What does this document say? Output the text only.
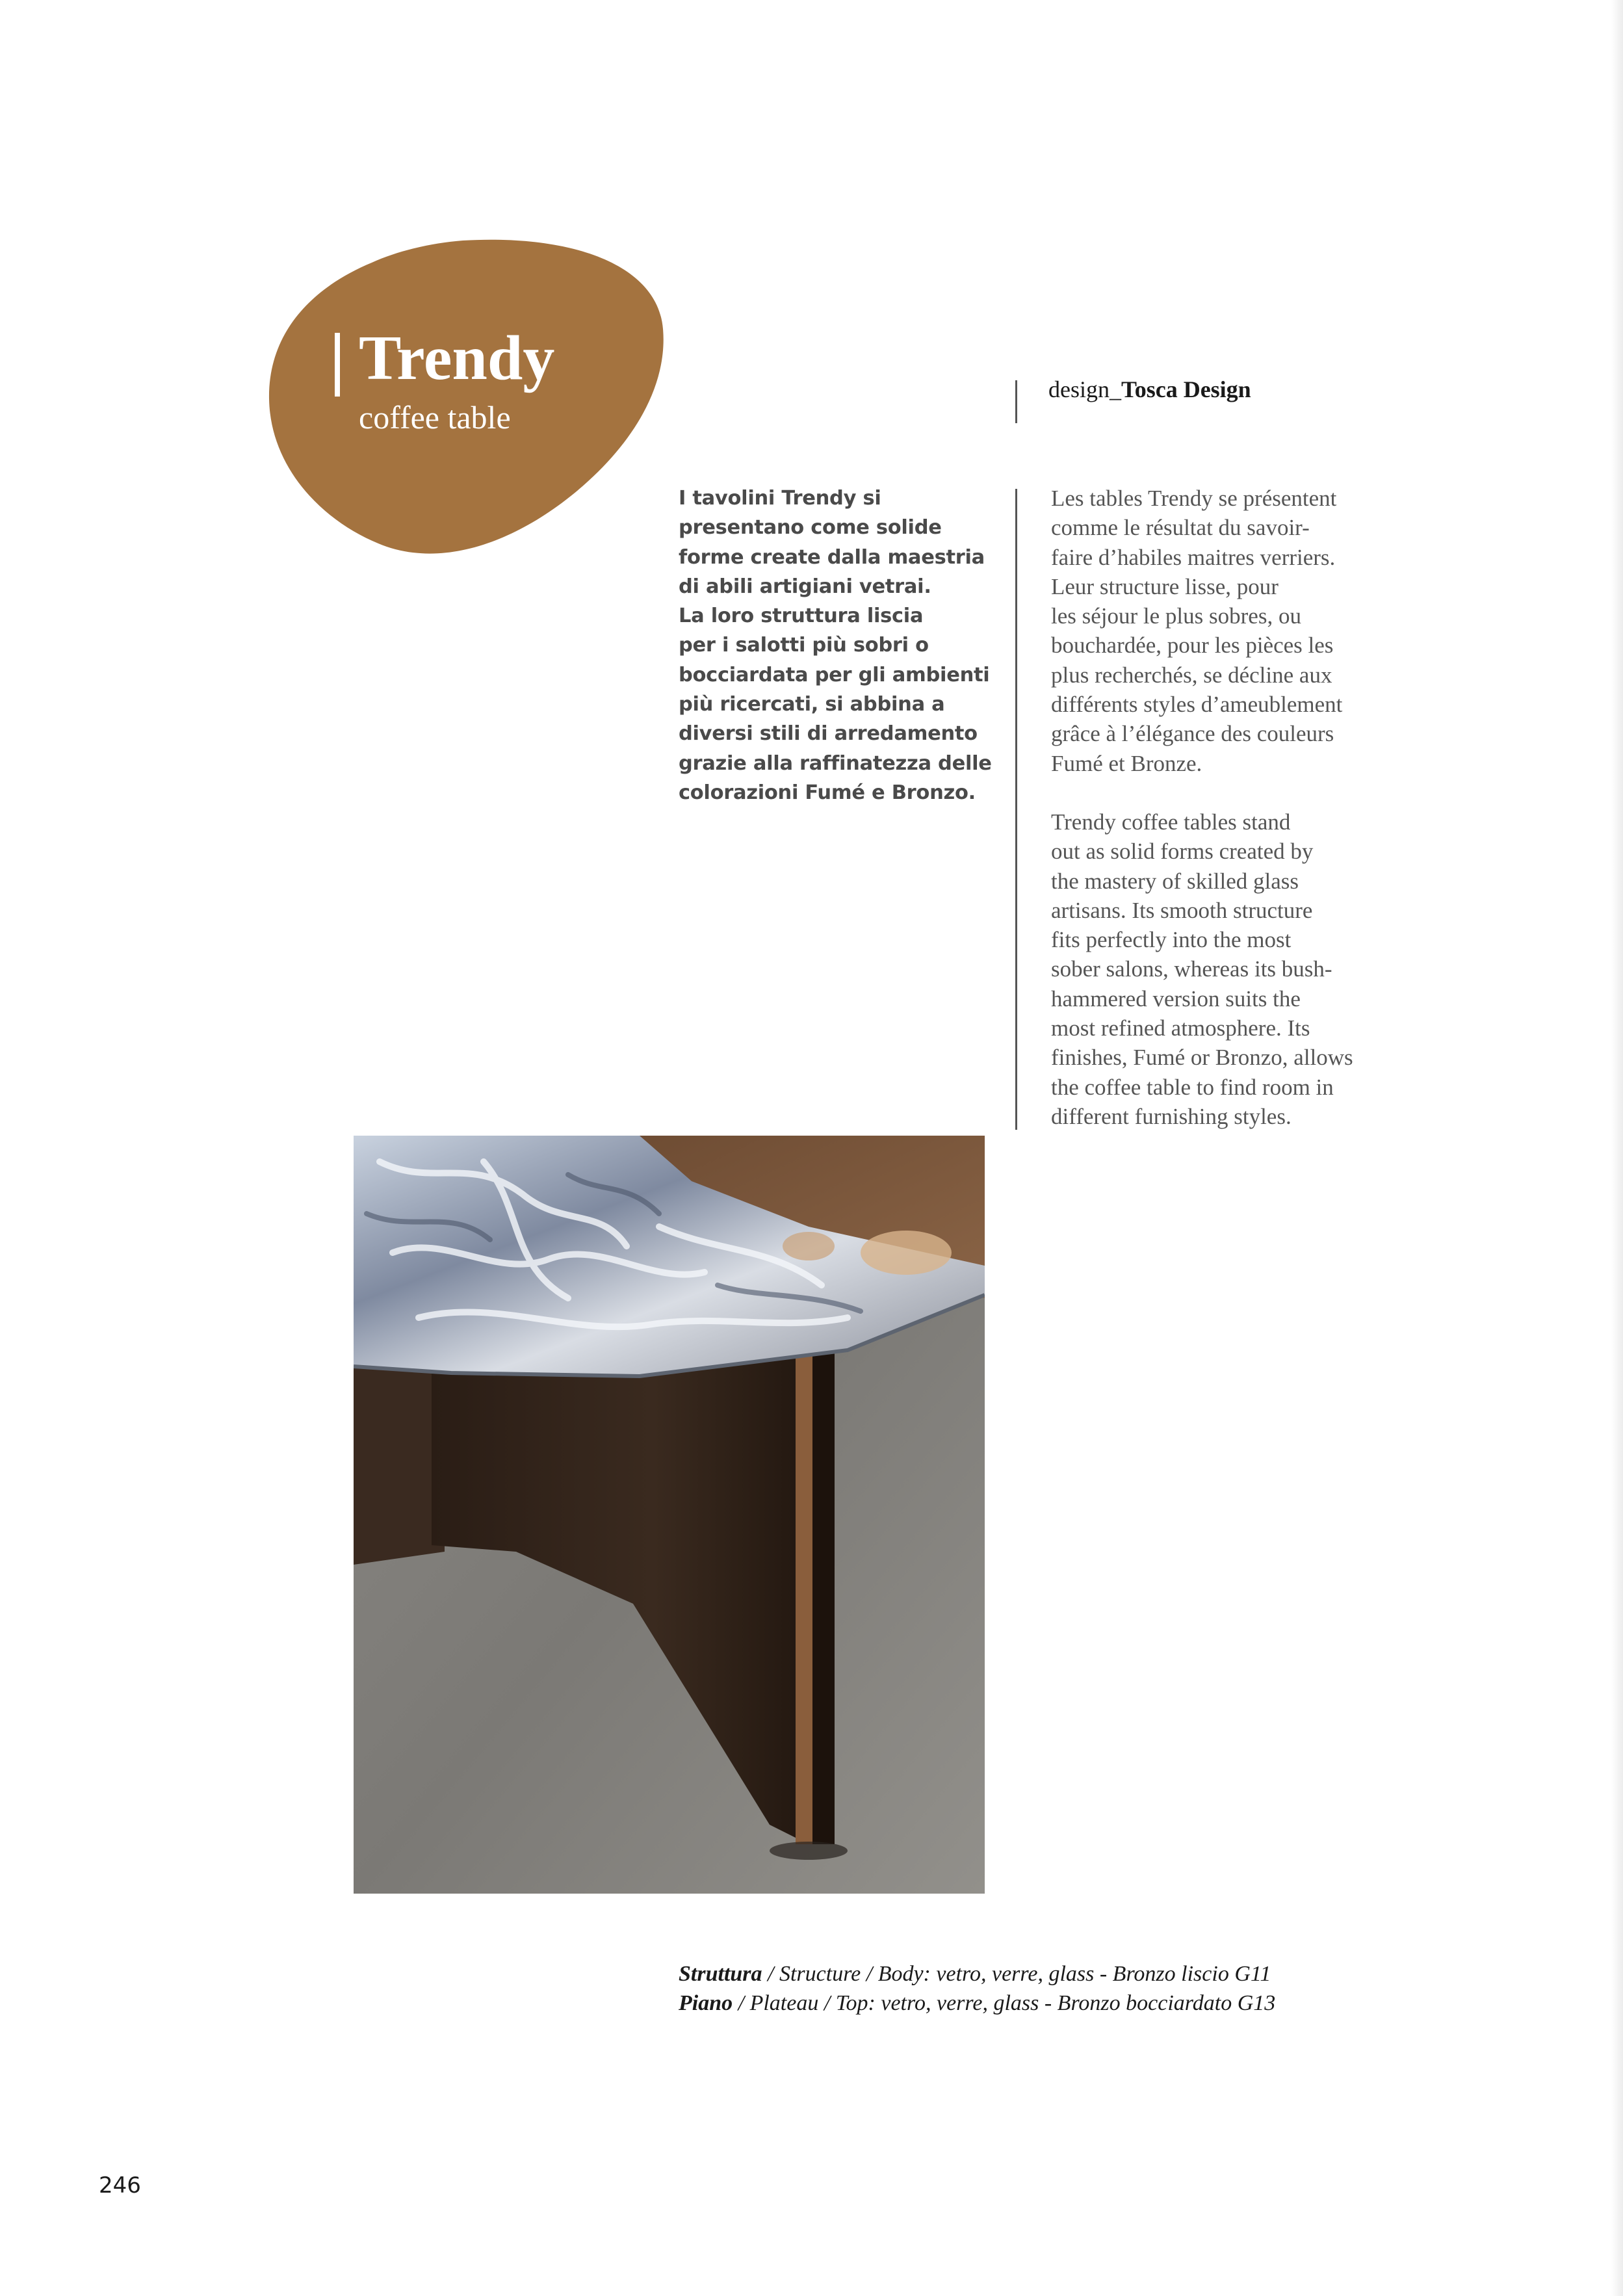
Trendy
coffee table
design_Tosca Design
I tavolini Trendy si
presentano come solide
forme create dalla maestria
di abili artigiani vetrai.
La loro struttura liscia
per i salotti più sobri o
bocciardata per gli ambienti
più ricercati, si abbina a
diversi stili di arredamento
grazie alla raffinatezza delle
colorazioni Fumé e Bronzo.
Les tables Trendy se présentent
comme le résultat du savoir-
faire d’habiles maitres verriers.
Leur structure lisse, pour
les séjour le plus sobres, ou
bouchardée, pour les pièces les
plus recherchés, se décline aux
différents styles d’ameublement
grâce à l’élégance des couleurs
Fumé et Bronze.
Trendy coffee tables stand
out as solid forms created by
the mastery of skilled glass
artisans. Its smooth structure
fits perfectly into the most
sober salons, whereas its bush-
hammered version suits the
most refined atmosphere. Its
finishes, Fumé or Bronzo, allows
the coffee table to find room in
different furnishing styles.
Struttura / Structure / Body: vetro, verre, glass - Bronzo liscio G11
Piano / Plateau / Top: vetro, verre, glass - Bronzo bocciardato G13
246
